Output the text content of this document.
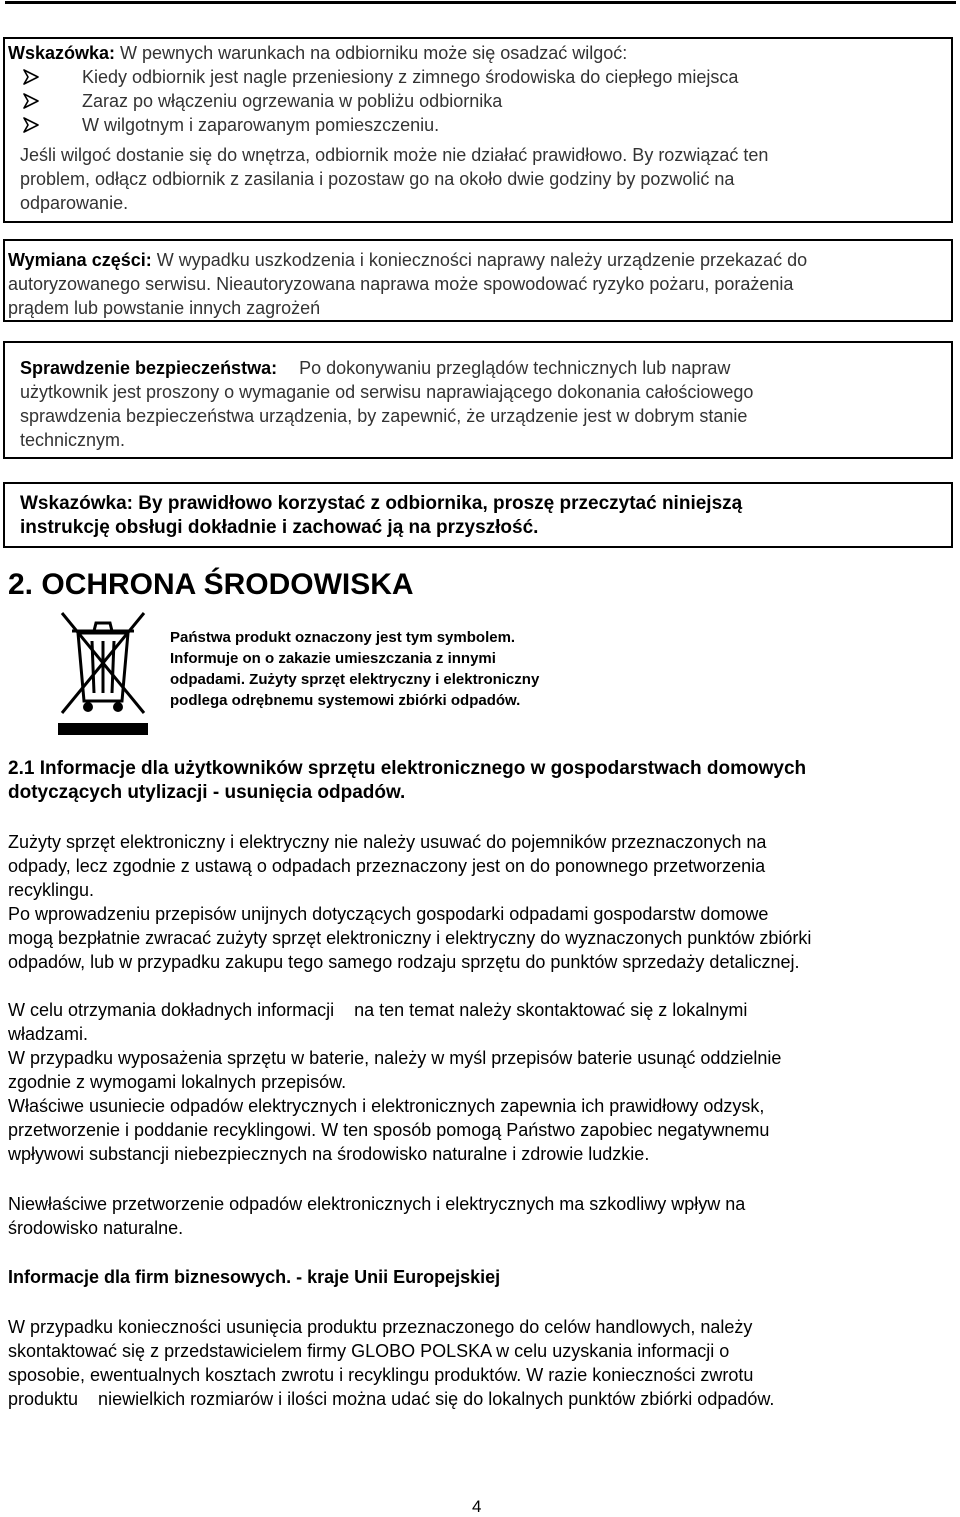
Wskazówka: W pewnych warunkach na odbiorniku może się osadzać wilgoć:
Kiedy odbiornik jest nagle przeniesiony z zimnego środowiska do ciepłego miejsca
Zaraz po włączeniu ogrzewania w pobliżu odbiornika
W wilgotnym i zaparowanym pomieszczeniu.
Jeśli wilgoć dostanie się do wnętrza, odbiornik może nie działać prawidłowo. By rozwiązać ten
problem, odłącz odbiornik z zasilania i pozostaw go na około dwie godziny by pozwolić na
odparowanie.
Wymiana części: W wypadku uszkodzenia i konieczności naprawy należy urządzenie przekazać do
autoryzowanego serwisu. Nieautoryzowana naprawa może spowodować ryzyko pożaru, porażenia
prądem lub powstanie innych zagrożeń
Sprawdzenie bezpieczeństwa: Po dokonywaniu przeglądów technicznych lub napraw
użytkownik jest proszony o wymaganie od serwisu naprawiającego dokonania całościowego
sprawdzenia bezpieczeństwa urządzenia, by zapewnić, że urządzenie jest w dobrym stanie
technicznym.
Wskazówka: By prawidłowo korzystać z odbiornika, proszę przeczytać niniejszą
instrukcję obsługi dokładnie i zachować ją na przyszłość.
2. OCHRONA ŚRODOWISKA
Państwa produkt oznaczony jest tym symbolem.
Informuje on o zakazie umieszczania z innymi
odpadami. Zużyty sprzęt elektryczny i elektroniczny
podlega odrębnemu systemowi zbiórki odpadów.
2.1 Informacje dla użytkowników sprzętu elektronicznego w gospodarstwach domowych
dotyczących utylizacji - usunięcia odpadów.
Zużyty sprzęt elektroniczny i elektryczny nie należy usuwać do pojemników przeznaczonych na
odpady, lecz zgodnie z ustawą o odpadach przeznaczony jest on do ponownego przetworzenia
recyklingu.
Po wprowadzeniu przepisów unijnych dotyczących gospodarki odpadami gospodarstw domowe
mogą bezpłatnie zwracać zużyty sprzęt elektroniczny i elektryczny do wyznaczonych punktów zbiórki
odpadów, lub w przypadku zakupu tego samego rodzaju sprzętu do punktów sprzedaży detalicznej.
W celu otrzymania dokładnych informacji    na ten temat należy skontaktować się z lokalnymi
władzami.
W przypadku wyposażenia sprzętu w baterie, należy w myśl przepisów baterie usunąć oddzielnie
zgodnie z wymogami lokalnych przepisów.
Właściwe usuniecie odpadów elektrycznych i elektronicznych zapewnia ich prawidłowy odzysk,
przetworzenie i poddanie recyklingowi. W ten sposób pomogą Państwo zapobiec negatywnemu
wpływowi substancji niebezpiecznych na środowisko naturalne i zdrowie ludzkie.
Niewłaściwe przetworzenie odpadów elektronicznych i elektrycznych ma szkodliwy wpływ na
środowisko naturalne.
Informacje dla firm biznesowych. - kraje Unii Europejskiej
W przypadku konieczności usunięcia produktu przeznaczonego do celów handlowych, należy
skontaktować się z przedstawicielem firmy GLOBO POLSKA w celu uzyskania informacji o
sposobie, ewentualnych kosztach zwrotu i recyklingu produktów. W razie konieczności zwrotu
produktu    niewielkich rozmiarów i ilości można udać się do lokalnych punktów zbiórki odpadów.
4
